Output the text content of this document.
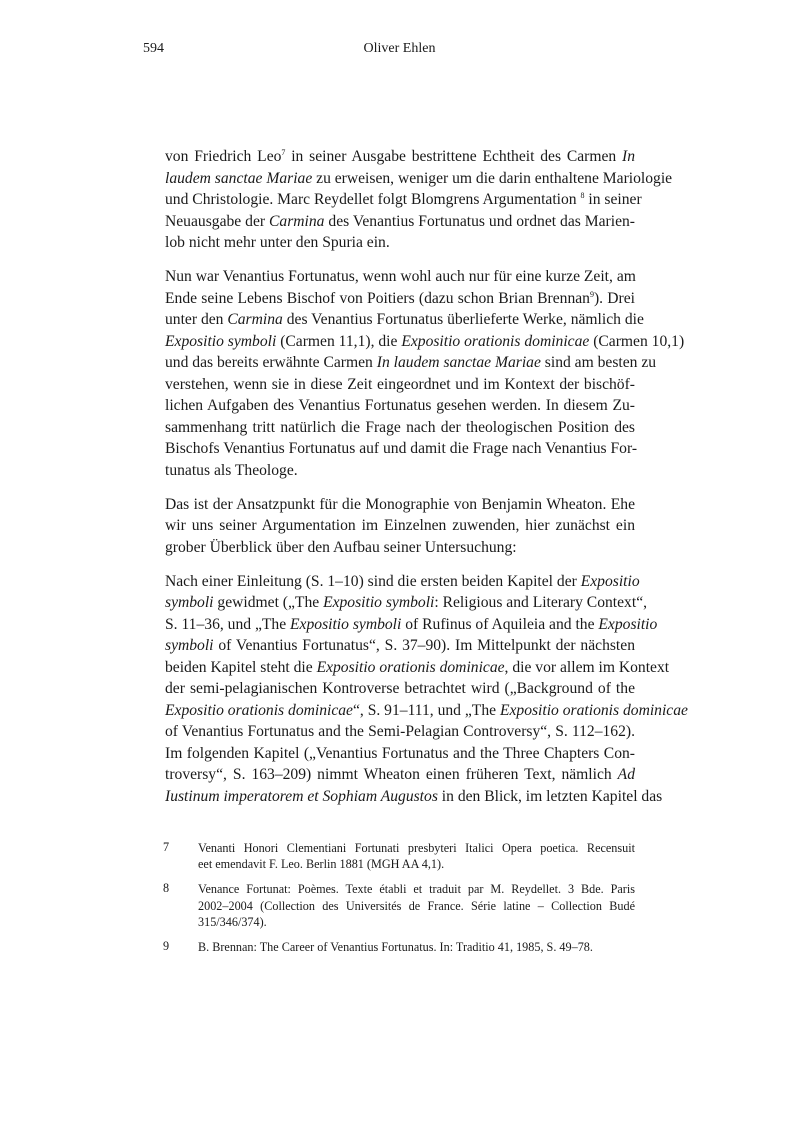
594	Oliver Ehlen
von Friedrich Leo$^7$ in seiner Ausgabe bestrittene Echtheit des Carmen In
laudem sanctae Mariae zu erweisen, weniger um die darin enthaltene Mariologie
und Christologie. Marc Reydellet folgt Blomgrens Argumentation $^8$ in seiner
Neuausgabe der Carmina des Venantius Fortunatus und ordnet das Marien-
lob nicht mehr unter den Spuria ein.
Nun war Venantius Fortunatus, wenn wohl auch nur für eine kurze Zeit, am
Ende seine Lebens Bischof von Poitiers (dazu schon Brian Brennan$^9$). Drei
unter den Carmina des Venantius Fortunatus überlieferte Werke, nämlich die
Expositio symboli (Carmen 11,1), die Expositio orationis dominicae (Carmen 10,1)
und das bereits erwähnte Carmen In laudem sanctae Mariae sind am besten zu
verstehen, wenn sie in diese Zeit eingeordnet und im Kontext der bischöf-
lichen Aufgaben des Venantius Fortunatus gesehen werden. In diesem Zu-
sammenhang tritt natürlich die Frage nach der theologischen Position des
Bischofs Venantius Fortunatus auf und damit die Frage nach Venantius For-
tunatus als Theologe.
Das ist der Ansatzpunkt für die Monographie von Benjamin Wheaton. Ehe
wir uns seiner Argumentation im Einzelnen zuwenden, hier zunächst ein
grober Überblick über den Aufbau seiner Untersuchung:
Nach einer Einleitung (S. 1–10) sind die ersten beiden Kapitel der Expositio
symboli gewidmet („The Expositio symboli: Religious and Literary Context“,
S. 11–36, und „The Expositio symboli of Rufinus of Aquileia and the Expositio
symboli of Venantius Fortunatus“, S. 37–90). Im Mittelpunkt der nächsten
beiden Kapitel steht die Expositio orationis dominicae, die vor allem im Kontext
der semi-pelagianischen Kontroverse betrachtet wird („Background of the
Expositio orationis dominicae“, S. 91–111, und „The Expositio orationis dominicae
of Venantius Fortunatus and the Semi-Pelagian Controversy“, S. 112–162).
Im folgenden Kapitel („Venantius Fortunatus and the Three Chapters Con-
troversy“, S. 163–209) nimmt Wheaton einen früheren Text, nämlich Ad
Iustinum imperatorem et Sophiam Augustos in den Blick, im letzten Kapitel das
7 Venanti Honori Clementiani Fortunati presbyteri Italici Opera poetica. Recensuit
eet emendavit F. Leo. Berlin 1881 (MGH AA 4,1).
8 Venance Fortunat: Poèmes. Texte établi et traduit par M. Reydellet. 3 Bde. Paris
2002–2004 (Collection des Universités de France. Série latine – Collection Budé
315/346/374).
9 B. Brennan: The Career of Venantius Fortunatus. In: Traditio 41, 1985, S. 49–78.
